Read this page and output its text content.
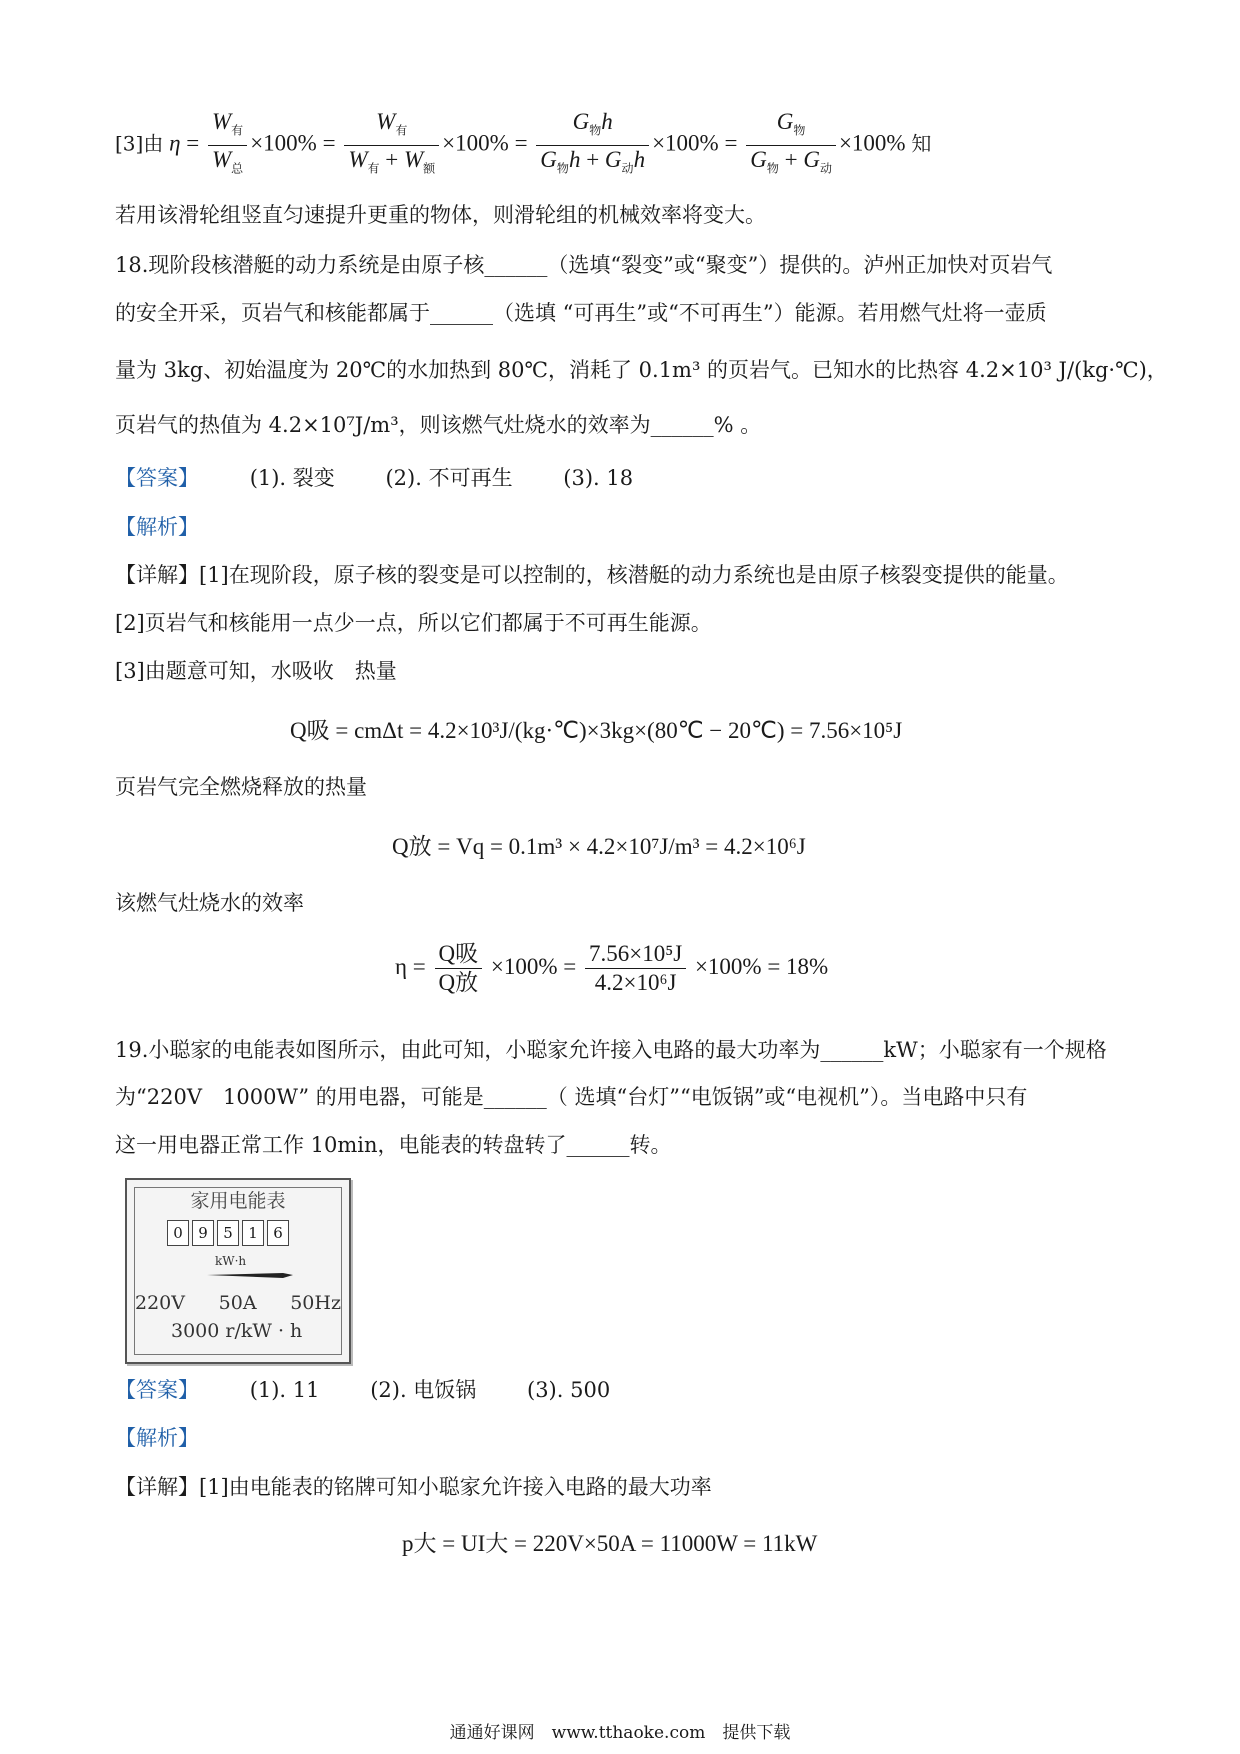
[3]由 $\eta = \frac{W_有}{W_总} \times 100\% = \frac{W_有}{W_有 + W_额} \times 100\% = \frac{G_物h}{G_物h + G_动h} \times 100\% = \frac{G_物}{G_物 + G_动} \times 100\%$ 知
若用该滑轮组竖直匀速提升更重的物体，则滑轮组的机械效率将变大。
18.现阶段核潜艇的动力系统是由原子核______（选填“裂变”或“聚变”）提供的。泸州正加快对页岩气
的安全开采，页岩气和核能都属于______（选填 “可再生”或“不可再生”）能源。若用燃气灶将一壶质
量为 3kg、初始温度为 20℃的水加热到 80℃，消耗了 0.1m³ 的页岩气。已知水的比热容 4.2×10³ J/(kg·℃)，
页岩气的热值为 4.2×10⁷J/m³，则该燃气灶烧水的效率为______% 。
【答案】 (1). 裂变 (2). 不可再生 (3). 18
【解析】
【详解】[1]在现阶段，原子核的裂变是可以控制的，核潜艇的动力系统也是由原子核裂变提供的能量。
[2]页岩气和核能用一点少一点，所以它们都属于不可再生能源。
[3]由题意可知，水吸收　热量
Q吸 = cmΔt = 4.2×10³J/(kg·℃)×3kg×(80℃ − 20℃) = 7.56×10⁵J
页岩气完全燃烧释放的热量
Q放 = Vq = 0.1m³ × 4.2×10⁷J/m³ = 4.2×10⁶J
该燃气灶烧水的效率
$\eta = \frac{\text{Q吸}}{\text{Q放}} \times 100\% = \frac{\text{7.56×10⁵J}}{\text{4.2×10⁶J}} \times 100\% = 18\%$
19.小聪家的电能表如图所示，由此可知，小聪家允许接入电路的最大功率为______kW；小聪家有一个规格
为“220V　1000W” 的用电器，可能是______（ 选填“台灯”“电饭锅”或“电视机”）。当电路中只有
这一用电器正常工作 10min，电能表的转盘转了______转。
家用电能表
0	9	5	1	6
kW·h
220V 50A 50Hz
3000 r/kW · h
【答案】 (1). 11 (2). 电饭锅 (3). 500
【解析】
【详解】[1]由电能表的铭牌可知小聪家允许接入电路的最大功率
p大 = UI大 = 220V×50A = 11000W = 11kW
通通好课网　www.tthaoke.com　提供下载
